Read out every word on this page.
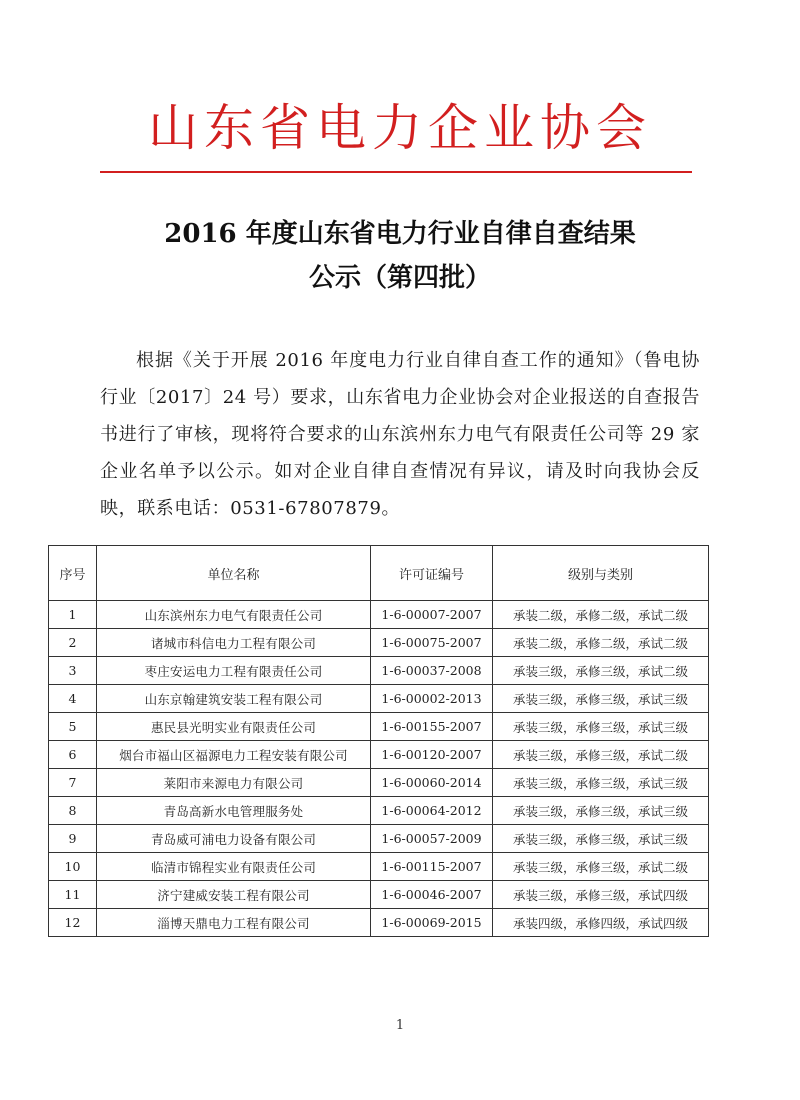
山东省电力企业协会
2016 年度山东省电力行业自律自查结果
公示（第四批）

根据《关于开展 2016 年度电力行业自律自查工作的通知》（鲁电协行业〔2017〕24 号）要求，山东省电力企业协会对企业报送的自查报告书进行了审核，现将符合要求的山东滨州东力电气有限责任公司等 29 家企业名单予以公示。如对企业自律自查情况有异议，请及时向我协会反映，联系电话：0531-67807879。

序号	单位名称	许可证编号	级别与类别
1	山东滨州东力电气有限责任公司	1-6-00007-2007	承装二级，承修二级，承试二级
2	诸城市科信电力工程有限公司	1-6-00075-2007	承装二级，承修二级，承试二级
3	枣庄安运电力工程有限责任公司	1-6-00037-2008	承装三级，承修三级，承试二级
4	山东京翰建筑安装工程有限公司	1-6-00002-2013	承装三级，承修三级，承试三级
5	惠民县光明实业有限责任公司	1-6-00155-2007	承装三级，承修三级，承试三级
6	烟台市福山区福源电力工程安装有限公司	1-6-00120-2007	承装三级，承修三级，承试二级
7	莱阳市来源电力有限公司	1-6-00060-2014	承装三级，承修三级，承试三级
8	青岛高新水电管理服务处	1-6-00064-2012	承装三级，承修三级，承试三级
9	青岛威可浦电力设备有限公司	1-6-00057-2009	承装三级，承修三级，承试三级
10	临清市锦程实业有限责任公司	1-6-00115-2007	承装三级，承修三级，承试二级
11	济宁建威安装工程有限公司	1-6-00046-2007	承装三级，承修三级，承试四级
12	淄博天鼎电力工程有限公司	1-6-00069-2015	承装四级，承修四级，承试四级
1
